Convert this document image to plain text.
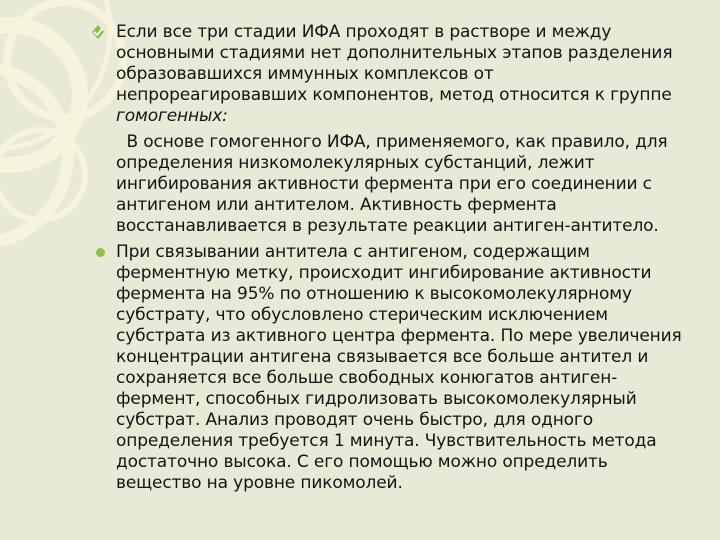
Если все три стадии ИФА проходят в растворе и между
основными стадиями нет дополнительных этапов разделения
образовавшихся иммунных комплексов от
непрореагировавших компонентов, метод относится к группе
гомогенных:
В основе гомогенного ИФА, применяемого, как правило, для
определения низкомолекулярных субстанций, лежит
ингибирования активности фермента при его соединении с
антигеном или антителом. Активность фермента
восстанавливается в результате реакции антиген-антитело.
При связывании антитела с антигеном, содержащим
ферментную метку, происходит ингибирование активности
фермента на 95% по отношению к высокомолекулярному
субстрату, что обусловлено стерическим исключением
субстрата из активного центра фермента. По мере увеличения
концентрации антигена связывается все больше антител и
сохраняется все больше свободных конюгатов антиген-
фермент, способных гидролизовать высокомолекулярный
субстрат. Анализ проводят очень быстро, для одного
определения требуется 1 минута. Чувствительность метода
достаточно высока. С его помощью можно определить
вещество на уровне пикомолей.
